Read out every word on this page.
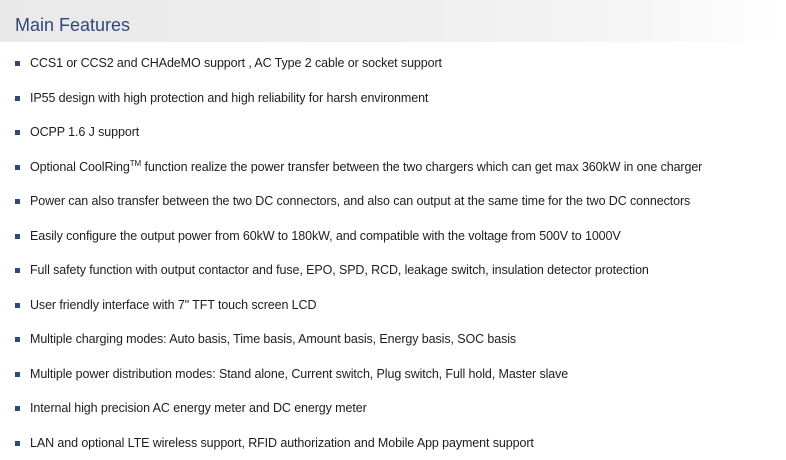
Main Features
CCS1 or CCS2 and CHAdeMO support , AC Type 2 cable or socket support
IP55 design with high protection and high reliability for harsh environment
OCPP 1.6 J support
Optional CoolRing™ function realize the power transfer between the two chargers which can get max 360kW in one charger
Power can also transfer between the two DC connectors, and also can output at the same time for the two DC connectors
Easily configure the output power from 60kW to 180kW, and compatible with the voltage from 500V to 1000V
Full safety function with output contactor and fuse, EPO, SPD, RCD, leakage switch, insulation detector protection
User friendly interface with 7" TFT touch screen LCD
Multiple charging modes: Auto basis, Time basis, Amount basis, Energy basis, SOC basis
Multiple power distribution modes: Stand alone, Current switch, Plug switch, Full hold, Master slave
Internal high precision AC energy meter and DC energy meter
LAN and optional LTE wireless support, RFID authorization and Mobile App payment support
